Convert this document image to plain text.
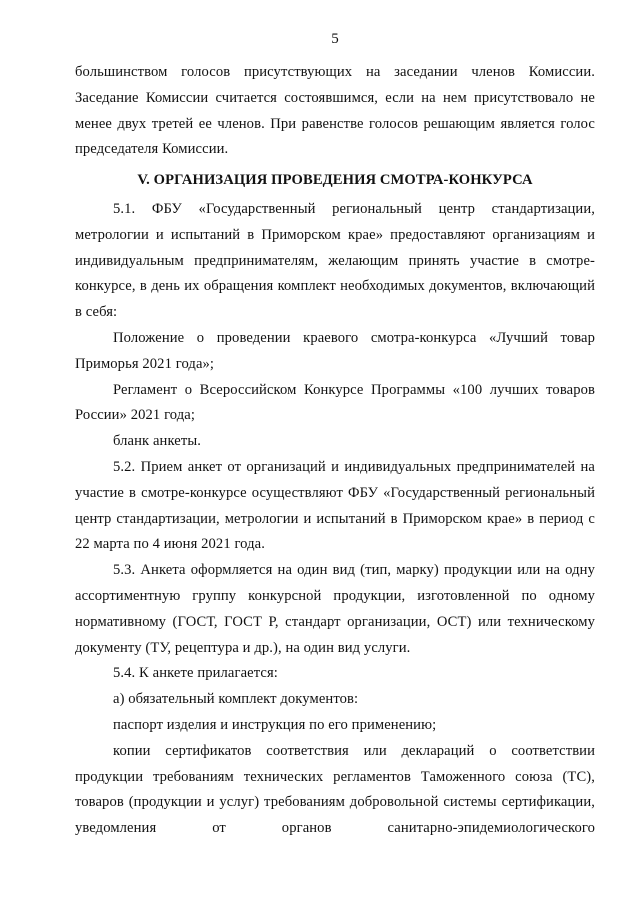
5

большинством голосов присутствующих на заседании членов Комиссии. Заседание Комиссии считается состоявшимся, если на нем присутствовало не менее двух третей ее членов. При равенстве голосов решающим является голос председателя Комиссии.

V. ОРГАНИЗАЦИЯ ПРОВЕДЕНИЯ СМОТРА-КОНКУРСА

5.1. ФБУ «Государственный региональный центр стандартизации, метрологии и испытаний в Приморском крае» предоставляют организациям и индивидуальным предпринимателям, желающим принять участие в смотре-конкурсе, в день их обращения комплект необходимых документов, включающий в себя:

Положение о проведении краевого смотра-конкурса «Лучший товар Приморья 2021 года»;

Регламент о Всероссийском Конкурсе Программы «100 лучших товаров России» 2021 года;

бланк анкеты.

5.2. Прием анкет от организаций и индивидуальных предпринимателей на участие в смотре-конкурсе осуществляют ФБУ «Государственный региональный центр стандартизации, метрологии и испытаний в Приморском крае» в период с 22 марта по 4 июня 2021 года.

5.3. Анкета оформляется на один вид (тип, марку) продукции или на одну ассортиментную группу конкурсной продукции, изготовленной по одному нормативному (ГОСТ, ГОСТ Р, стандарт организации, ОСТ) или техническому документу (ТУ, рецептура и др.), на один вид услуги.

5.4. К анкете прилагается:

а) обязательный комплект документов:

паспорт изделия и инструкция по его применению;

копии сертификатов соответствия или деклараций о соответствии продукции требованиям технических регламентов Таможенного союза (ТС), товаров (продукции и услуг) требованиям добровольной системы сертификации, уведомления от органов санитарно-эпидемиологического
